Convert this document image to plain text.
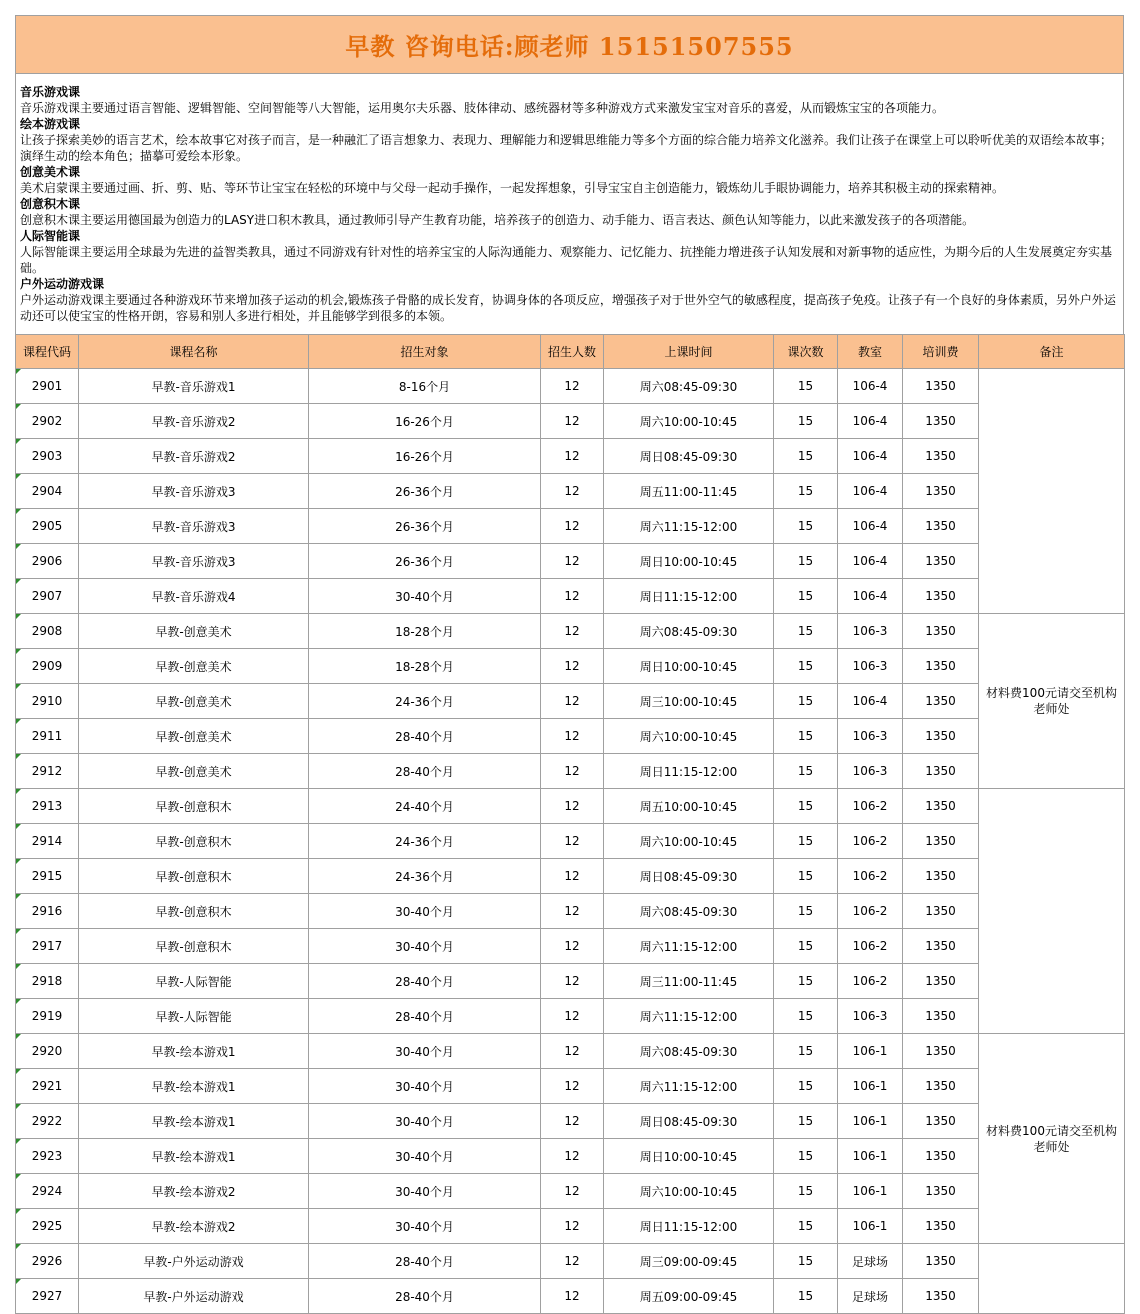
早教 咨询电话:顾老师 15151507555
音乐游戏课
音乐游戏课主要通过语言智能、逻辑智能、空间智能等八大智能，运用奥尔夫乐器、肢体律动、感统器材等多种游戏方式来激发宝宝对音乐的喜爱，从而锻炼宝宝的各项能力。
绘本游戏课
让孩子探索美妙的语言艺术，绘本故事它对孩子而言，是一种融汇了语言想象力、表现力、理解能力和逻辑思维能力等多个方面的综合能力培养文化滋养。我们让孩子在课堂上可以聆听优美的双语绘本故事；演绎生动的绘本角色；描摹可爱绘本形象。
创意美术课
美术启蒙课主要通过画、折、剪、贴、等环节让宝宝在轻松的环境中与父母一起动手操作，一起发挥想象，引导宝宝自主创造能力，锻炼幼儿手眼协调能力，培养其积极主动的探索精神。
创意积木课
创意积木课主要运用德国最为创造力的LASY进口积木教具，通过教师引导产生教育功能，培养孩子的创造力、动手能力、语言表达、颜色认知等能力，以此来激发孩子的各项潜能。
人际智能课
人际智能课主要运用全球最为先进的益智类教具，通过不同游戏有针对性的培养宝宝的人际沟通能力、观察能力、记忆能力、抗挫能力增进孩子认知发展和对新事物的适应性，为期今后的人生发展奠定夯实基础。
户外运动游戏课
户外运动游戏课主要通过各种游戏环节来增加孩子运动的机会,锻炼孩子骨骼的成长发育，协调身体的各项反应，增强孩子对于世外空气的敏感程度，提高孩子免疫。让孩子有一个良好的身体素质，另外户外运动还可以使宝宝的性格开朗，容易和别人多进行相处，并且能够学到很多的本领。
课程代码	课程名称	招生对象	招生人数	上课时间	课次数	教室	培训费	备注
2901	早教-音乐游戏1	8-16个月	12	周六08:45-09:30	15	106-4	1350	
2902	早教-音乐游戏2	16-26个月	12	周六10:00-10:45	15	106-4	1350	
2903	早教-音乐游戏2	16-26个月	12	周日08:45-09:30	15	106-4	1350	
2904	早教-音乐游戏3	26-36个月	12	周五11:00-11:45	15	106-4	1350	
2905	早教-音乐游戏3	26-36个月	12	周六11:15-12:00	15	106-4	1350	
2906	早教-音乐游戏3	26-36个月	12	周日10:00-10:45	15	106-4	1350	
2907	早教-音乐游戏4	30-40个月	12	周日11:15-12:00	15	106-4	1350	
2908	早教-创意美术	18-28个月	12	周六08:45-09:30	15	106-3	1350	材料费100元请交至机构老师处
2909	早教-创意美术	18-28个月	12	周日10:00-10:45	15	106-3	1350	
2910	早教-创意美术	24-36个月	12	周三10:00-10:45	15	106-4	1350	
2911	早教-创意美术	28-40个月	12	周六10:00-10:45	15	106-3	1350	
2912	早教-创意美术	28-40个月	12	周日11:15-12:00	15	106-3	1350	
2913	早教-创意积木	24-40个月	12	周五10:00-10:45	15	106-2	1350	
2914	早教-创意积木	24-36个月	12	周六10:00-10:45	15	106-2	1350	
2915	早教-创意积木	24-36个月	12	周日08:45-09:30	15	106-2	1350	
2916	早教-创意积木	30-40个月	12	周六08:45-09:30	15	106-2	1350	
2917	早教-创意积木	30-40个月	12	周六11:15-12:00	15	106-2	1350	
2918	早教-人际智能	28-40个月	12	周三11:00-11:45	15	106-2	1350	
2919	早教-人际智能	28-40个月	12	周六11:15-12:00	15	106-3	1350	
2920	早教-绘本游戏1	30-40个月	12	周六08:45-09:30	15	106-1	1350	材料费100元请交至机构老师处
2921	早教-绘本游戏1	30-40个月	12	周六11:15-12:00	15	106-1	1350	
2922	早教-绘本游戏1	30-40个月	12	周日08:45-09:30	15	106-1	1350	
2923	早教-绘本游戏1	30-40个月	12	周日10:00-10:45	15	106-1	1350	
2924	早教-绘本游戏2	30-40个月	12	周六10:00-10:45	15	106-1	1350	
2925	早教-绘本游戏2	30-40个月	12	周日11:15-12:00	15	106-1	1350	
2926	早教-户外运动游戏	28-40个月	12	周三09:00-09:45	15	足球场	1350	
2927	早教-户外运动游戏	28-40个月	12	周五09:00-09:45	15	足球场	1350	
